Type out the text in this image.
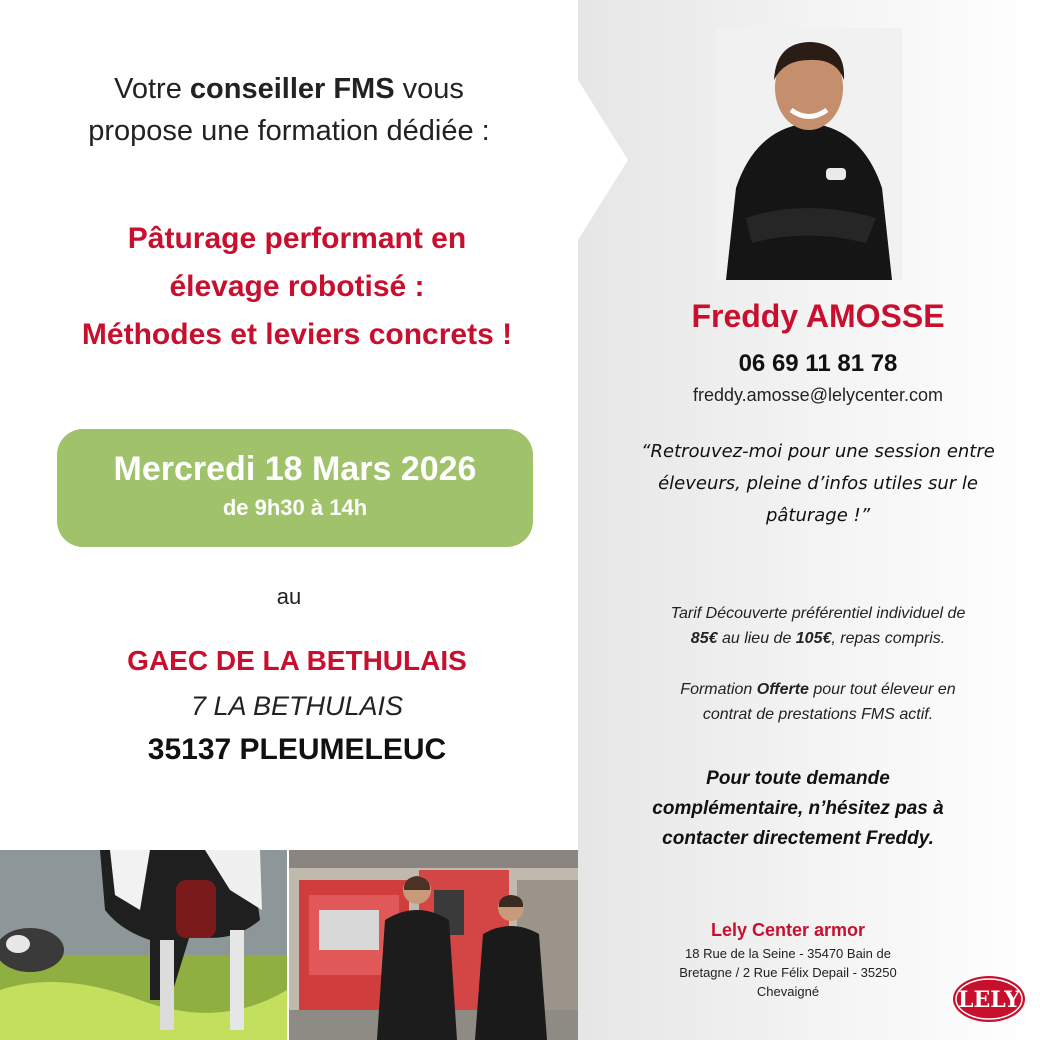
Votre conseiller FMS vous
propose une formation dédiée :
Pâturage performant en
élevage robotisé :
Méthodes et leviers concrets !
Mercredi 18 Mars 2026
de 9h30 à 14h
au
GAEC DE LA BETHULAIS
7 LA BETHULAIS
35137 PLEUMELEUC
Freddy AMOSSE
06 69 11 81 78
freddy.amosse@lelycenter.com
“Retrouvez-moi pour une session entre
éleveurs, pleine d’infos utiles sur le
pâturage !”
Tarif Découverte préférentiel individuel de
85€ au lieu de 105€, repas compris.
Formation Offerte pour tout éleveur en
contrat de prestations FMS actif.
Pour toute demande
complémentaire, n’hésitez pas à
contacter directement Freddy.
Lely Center armor
18 Rue de la Seine - 35470 Bain de
Bretagne / 2 Rue Félix Depail - 35250
Chevaigné	LELY
